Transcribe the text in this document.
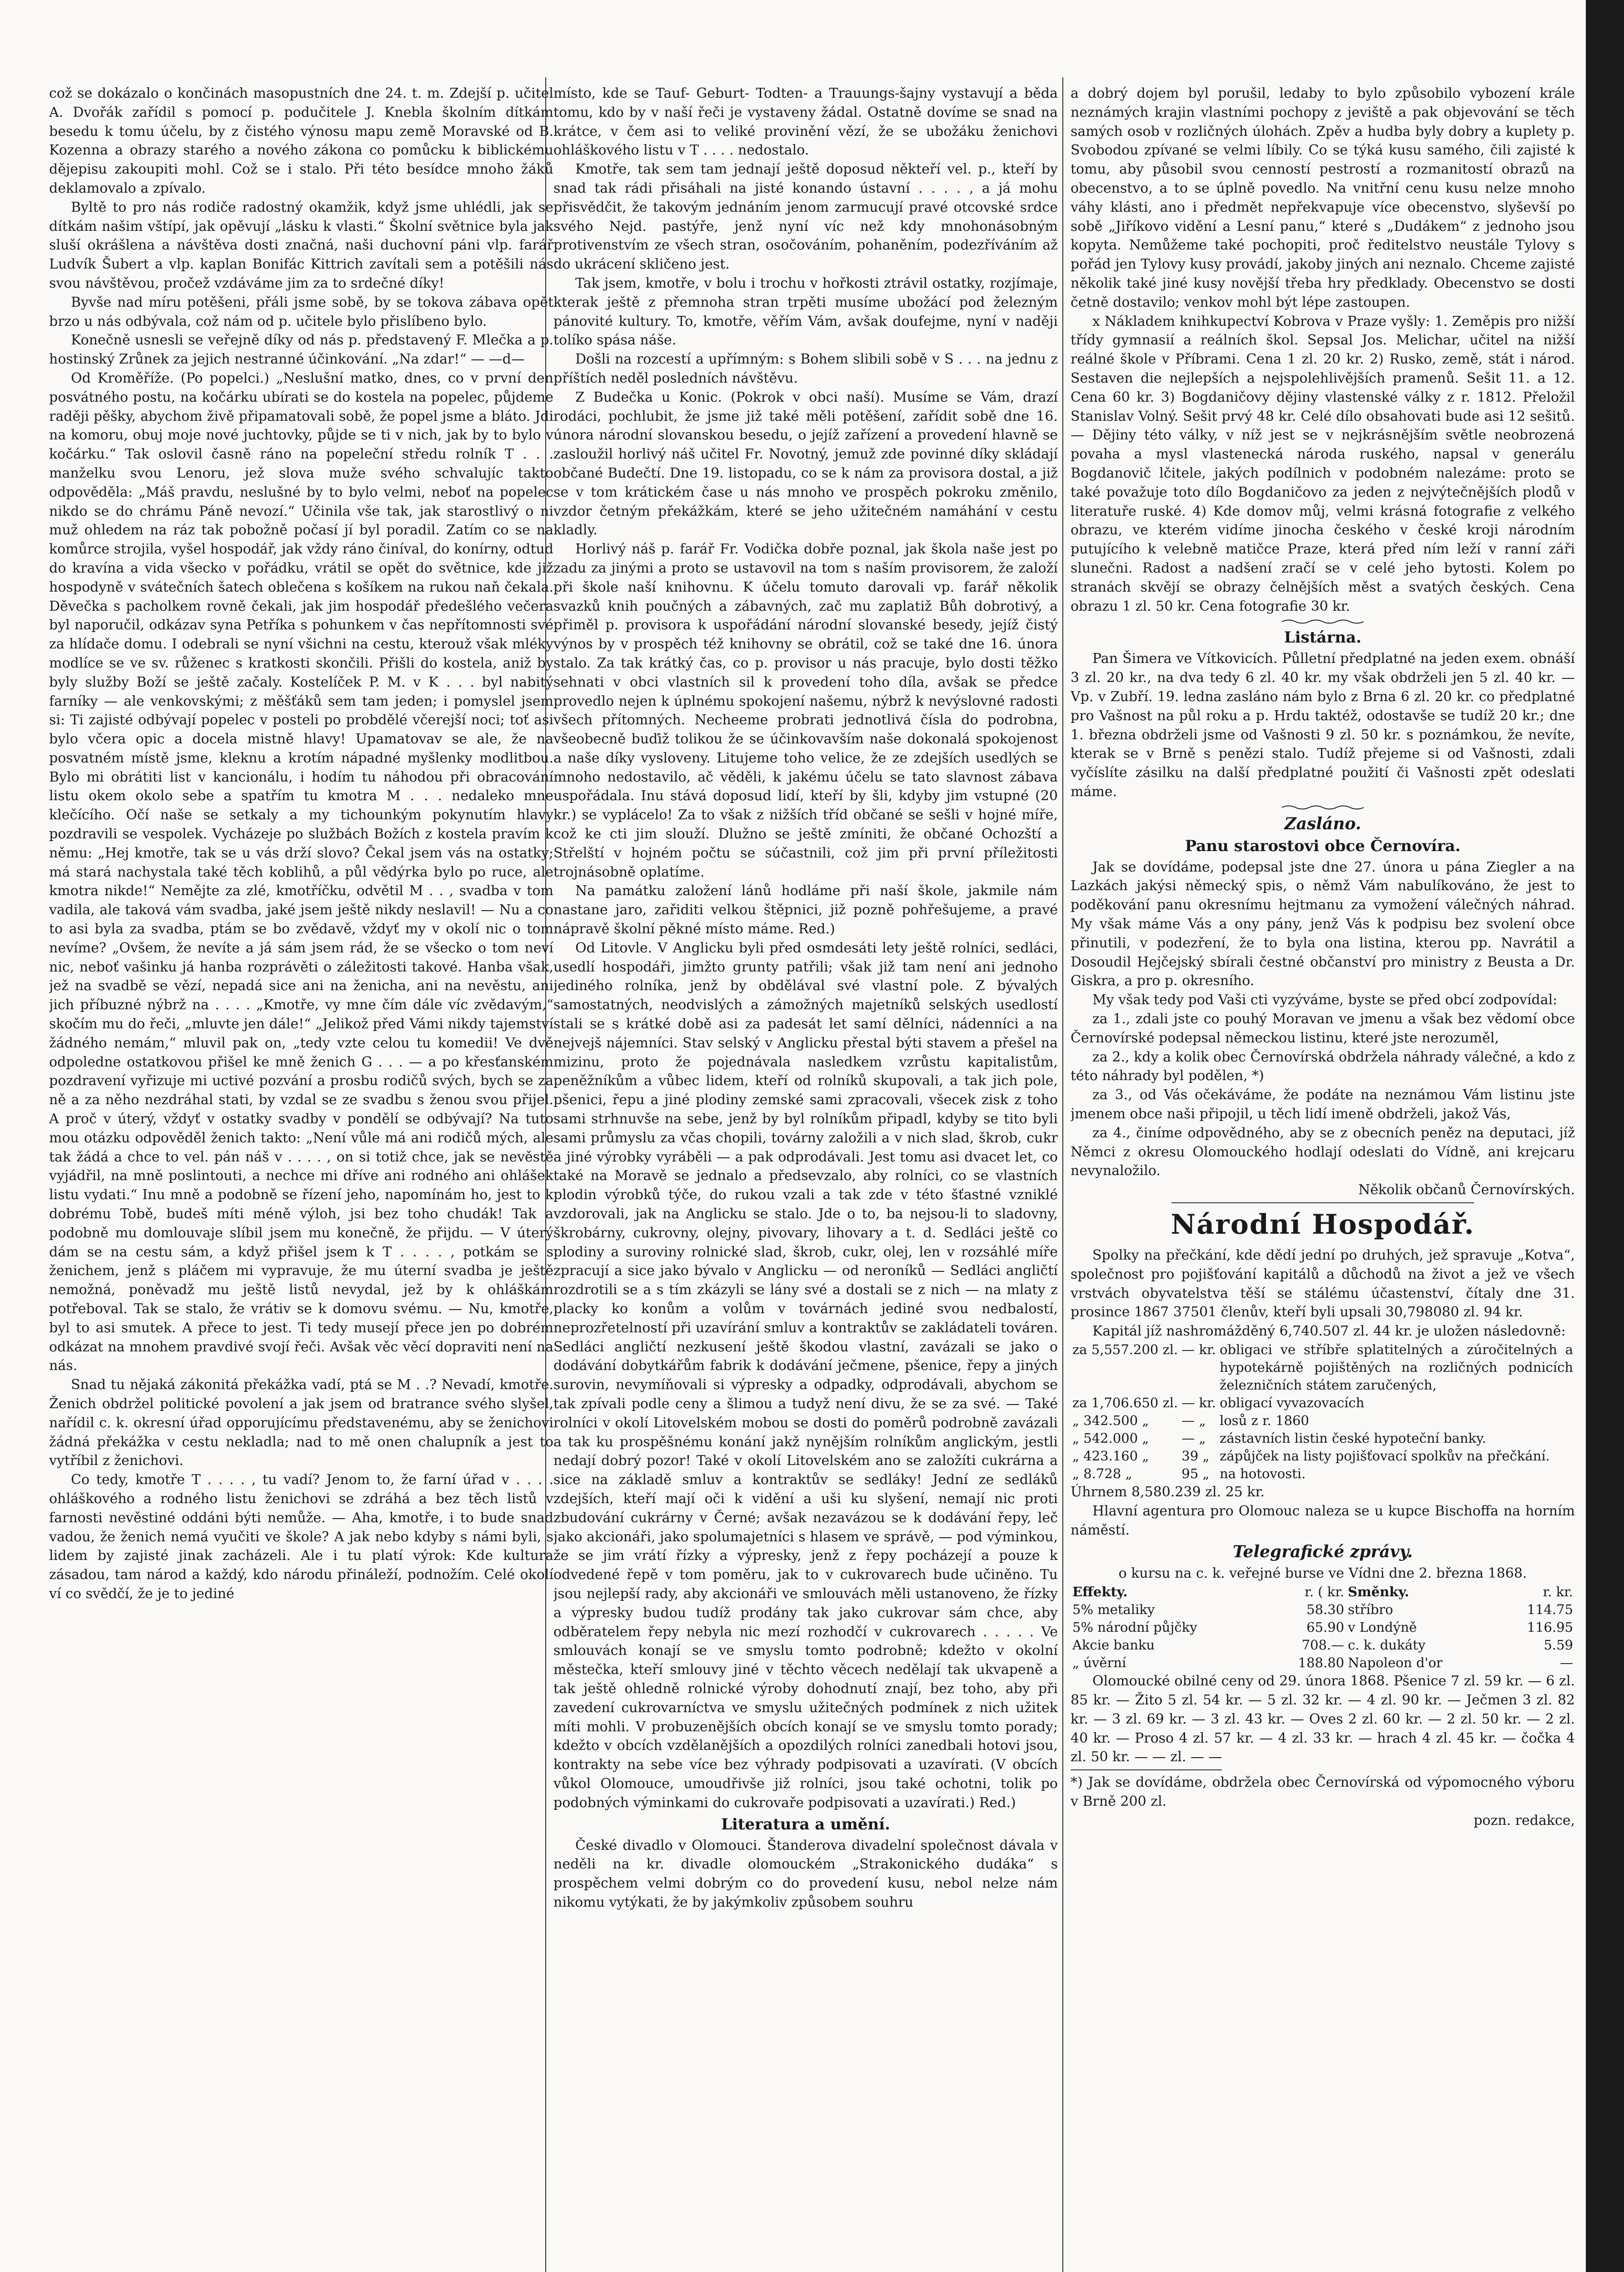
což se dokázalo o končinách masopustních dne 24. t. m. Zdejší p. učitel A. Dvořák zařídil s pomocí p. podučitele J. Knebla školním dítkám besedu k tomu účelu, by z čistého výnosu mapu země Moravské od B. Kozenna a obrazy starého a nového zákona co pomůcku k biblickému dějepisu zakoupiti mohl. Což se i stalo. Při této besídce mnoho žáků deklamovalo a zpívalo.

Byltě to pro nás rodiče radostný okamžik, když jsme uhlédli, jak se dítkám našim vštípí, jak opěvují „lásku k vlasti.“ Školní světnice byla jak sluší okrášlena a návštěva dosti značná, naši duchovní páni vlp. farář Ludvík Šubert a vlp. kaplan Bonifác Kittrich zavítali sem a potěšili nás svou návštěvou, pročež vzdáváme jim za to srdečné díky!

Byvše nad míru potěšeni, přáli jsme sobě, by se tokova zábava opět brzo u nás odbývala, což nám od p. učitele bylo přislíbeno bylo.

Konečně usnesli se veřejně díky od nás p. představený F. Mlečka a p. hostinský Zrůnek za jejich nestranné účinkování. „Na zdar!“ — —d—

Od Kroměříže. (Po popelci.) „Neslušní matko, dnes, co v první den posvátného postu, na kočárku ubírati se do kostela na popelec, půjdeme raději pěšky, abychom živě připamatovali sobě, že popel jsme a bláto. Jdi na komoru, obuj moje nové juchtovky, půjde se ti v nich, jak by to bylo v kočárku.“ Tak oslovil časně ráno na popeleční středu rolník T . . . manželku svou Lenoru, jež slova muže svého schvalujíc takto odpověděla: „Máš pravdu, neslušné by to bylo velmi, neboť na popelec nikdo se do chrámu Páně nevozí.“ Učinila vše tak, jak starostlivý o ni muž ohledem na ráz tak pobožně počasí jí byl poradil. Zatím co se na komůrce strojila, vyšel hospodář, jak vždy ráno činíval, do konírny, odtud do kravína a vida všecko v pořádku, vrátil se opět do světnice, kde již hospodyně v svátečních šatech oblečena s košíkem na rukou naň čekala. Děvečka s pacholkem rovně čekali, jak jim hospodář předešlého večera byl naporučil, odkázav syna Petříka s pohunkem v čas nepřítomnosti své za hlídače domu. I odebrali se nyní všichni na cestu, kterouž však mléky modlíce se ve sv. růženec s kratkosti skončili. Přišli do kostela, aniž by byly služby Boží se ještě začaly. Kostelíček P. M. v K . . . byl nabitý farníky — ale venkovskými; z měšťáků sem tam jeden; i pomyslel jsem si: Ti zajisté odbývají popelec v posteli po probdělé včerejší noci; toť asi bylo včera opic a docela mistně hlavy! Upamatovav se ale, že na posvatném místě jsme, kleknu a krotím nápadné myšlenky modlitbou. Bylo mi obrátiti list v kancionálu, i hodím tu náhodou při obracování listu okem okolo sebe a spatřím tu kmotra M . . . nedaleko mne klečícího. Očí naše se setkaly a my tichounkým pokynutím hlavy pozdravili se vespolek. Vycházeje po službách Božích z kostela pravím k němu: „Hej kmotře, tak se u vás drží slovo? Čekal jsem vás na ostatky; má stará nachystala také těch koblihů, a půl vědýrka bylo po ruce, ale kmotra nikde!“ Nemějte za zlé, kmotříčku, odvětil M . . , svadba v tom vadila, ale taková vám svadba, jaké jsem ještě nikdy neslavil! — Nu a co to asi byla za svadba, ptám se bo zvědavě, vždyť my v okolí nic o tom nevíme? „Ovšem, že nevíte a já sám jsem rád, že se všecko o tom neví nic, neboť vašinku já hanba rozprávěti o záležitosti takové. Hanba však, jež na svadbě se vězí, nepadá sice ani na ženicha, ani na nevěstu, ani jich příbuzné nýbrž na . . . . „Kmotře, vy mne čím dále víc zvědavým,“ skočím mu do řeči, „mluvte jen dále!“ „Jelikož před Vámi nikdy tajemství žádného nemám,“ mluvil pak on, „tedy vzte celou tu komedii! Ve dvě odpoledne ostatkovou přišel ke mně ženich G . . . — a po křesťanském pozdravení vyřizuje mi uctivé pozvání a prosbu rodičů svých, bych se za ně a za něho nezdráhal stati, by vzdal se ze svadbu s ženou svou přijel. A proč v úterý, vždyť v ostatky svadby v pondělí se odbývají? Na tuto mou otázku odpověděl ženich takto: „Není vůle má ani rodičů mých, ale tak žádá a chce to vel. pán náš v . . . . , on si totiž chce, jak se nevěstě vyjádřil, na mně poslintouti, a nechce mi dříve ani rodného ani ohlášek listu vydati.“ Inu mně a podobně se řízení jeho, napomínám ho, jest to k dobrému Tobě, budeš míti méně výloh, jsi bez toho chudák! Tak a podobně mu domlouvaje slíbil jsem mu konečně, že přijdu. — V úterý dám se na cestu sám, a když přišel jsem k T . . . . , potkám se s ženichem, jenž s pláčem mi vypravuje, že mu úterní svadba je ještě nemožná, poněvadž mu ještě listů nevydal, jež by k ohláškám potřeboval. Tak se stalo, že vrátiv se k domovu svému. — Nu, kmotře, byl to asi smutek. A přece to jest. Ti tedy musejí přece jen po dobrém odkázat na mnohem pravdivé svojí řeči. Avšak věc věcí dopraviti není na nás.

Snad tu nějaká zákonitá překážka vadí, ptá se M . .? Nevadí, kmotře. Ženich obdržel politické povolení a jak jsem od bratrance svého slyšel, nařídil c. k. okresní úřad opporujícímu představenému, aby se ženichovi žádná překážka v cestu nekladla; nad to mě onen chalupník a jest to vytříbil z ženichovi.

Co tedy, kmotře T . . . . , tu vadí? Jenom to, že farní úřad v . . . . ohláškového a rodného listu ženichovi se zdráhá a bez těch listů v farnosti nevěstiné oddáni býti nemůže. — Aha, kmotře, i to bude snad vadou, že ženich nemá vyučiti ve škole? A jak nebo kdyby s námi byli, s lidem by zajisté jinak zacházeli. Ale i tu platí výrok: Kde kultura zásadou, tam národ a každý, kdo národu přináleží, podnožím. Celé okolí ví co svědčí, že je to jediné

místo, kde se Tauf- Geburt- Todten- a Trauungs-šajny vystavují a běda tomu, kdo by v naší řeči je vystaveny žádal. Ostatně dovíme se snad na krátce, v čem asi to veliké provinění vězí, že se ubožáku ženichovi ohláškového listu v T . . . . nedostalo.

Kmotře, tak sem tam jednají ještě doposud někteří vel. p., kteří by snad tak rádi přisáhali na jisté konando ústavní . . . . , a já mohu přisvědčit, že takovým jednáním jenom zarmucují pravé otcovské srdce svého Nejd. pastýře, jenž nyní víc než kdy mnohonásobným protivenstvím ze všech stran, osočováním, pohaněním, podezříváním až do ukrácení skličeno jest.

Tak jsem, kmotře, v bolu i trochu v hořkosti ztrávil ostatky, rozjímaje, kterak ještě z přemnoha stran trpěti musíme ubožácí pod železným pánovité kultury. To, kmotře, věřím Vám, avšak doufejme, nyní v naději tolíko spása náše.

Došli na rozcestí a upřímným: s Bohem slibili sobě v S . . . na jednu z příštích neděl posledních návštěvu.

Z Budečka u Konic. (Pokrok v obci naší). Musíme se Vám, drazí rodáci, pochlubit, že jsme již také měli potěšení, zařídit sobě dne 16. února národní slovanskou besedu, o jejíž zařízení a provedení hlavně se zasloužil horlivý náš učitel Fr. Novotný, jemuž zde povinné díky skládají občané Budečtí. Dne 19. listopadu, co se k nám za provisora dostal, a již se v tom krátickém čase u nás mnoho ve prospěch pokroku změnilo, vzdor četným překážkám, které se jeho užitečném namáhání v cestu kladly.

Horlivý náš p. farář Fr. Vodička dobře poznal, jak škola naše jest po zadu za jinými a proto se ustavovil na tom s naším provisorem, že založí při škole naší knihovnu. K účelu tomuto darovali vp. farář několik svazků knih poučných a zábavných, zač mu zaplatiž Bůh dobrotivý, a přiměl p. provisora k uspořádání národní slovanské besedy, jejíž čistý výnos by v prospěch též knihovny se obrátil, což se také dne 16. února stalo. Za tak krátký čas, co p. provisor u nás pracuje, bylo dosti těžko sehnati v obci vlastních sil k provedení toho díla, avšak se předce provedlo nejen k úplnému spokojení našemu, nýbrž k nevýslovné radosti všech přítomných. Necheeme probrati jednotlivá čísla do podrobna, všeobecně buďiž tolikou že se účinkovavším naše dokonalá spokojenost a naše díky vysloveny. Litujeme toho velice, že ze zdejších usedlých se mnoho nedostavilo, ač věděli, k jakému účelu se tato slavnost zábava uspořádala. Inu stává doposud lidí, kteří by šli, kdyby jim vstupné (20 kr.) se vyplácelo! Za to však z nižších tříd občané se sešli v hojné míře, což ke cti jim slouží. Dlužno se ještě zmíniti, že občané Ochozští a Střelští v hojném počtu se súčastnili, což jim při první příležitosti trojnásobně oplatíme.

Na památku založení lánů hodláme při naší škole, jakmile nám nastane jaro, zařiditi velkou štěpnici, již pozně pohřešujeme, a pravé nápravě školní pěkné místo máme. Red.)

Od Litovle. V Anglicku byli před osmdesáti lety ještě rolníci, sedláci, usedlí hospodáři, jimžto grunty patřili; však již tam není ani jednoho jediného rolníka, jenž by obdělával své vlastní pole. Z bývalých samostatných, neodvislých a zámožných majetníků selských usedlostí stali se s krátké době asi za padesát let samí dělníci, nádenníci a na nejvejš nájemníci. Stav selský v Anglicku přestal býti stavem a přešel na mizinu, proto že pojednávala nasledkem vzrůstu kapitalistům, peněžníkům a vůbec lidem, kteří od rolníků skupovali, a tak jich pole, pšenici, řepu a jiné plodiny zemské sami zpracovali, všecek zisk z toho sami strhnuvše na sebe, jenž by byl rolníkům připadl, kdyby se tito byli sami průmyslu za včas chopili, továrny založili a v nich slad, škrob, cukr a jiné výrobky vyráběli — a pak odprodávali. Jest tomu asi dvacet let, co také na Moravě se jednalo a předsevzalo, aby rolníci, co se vlastních plodin výrobků týče, do rukou vzali a tak zde v této šťastné vzniklé vzdorovali, jak na Anglicku se stalo. Jde o to, ba nejsou-li to sladovny, škrobárny, cukrovny, olejny, pivovary, lihovary a t. d. Sedláci ještě co plodiny a suroviny rolnické slad, škrob, cukr, olej, len v rozsáhlé míře zpracují a sice jako bývalo v Anglicku — od neroníků — Sedláci angličtí rozdrotili se a s tím zkázyli se lány své a dostali se z nich — na mlaty z placky ko konům a volům v továrnách jediné svou nedbalostí, neprozřetelností při uzavírání smluv a kontraktův se zakládateli továren. Sedláci angličtí nezkusení ještě škodou vlastní, zavázali se jako o dodávání dobytkářům fabrik k dodávání ječmene, pšenice, řepy a jiných surovin, nevymíňovali si výpresky a odpadky, odprodávali, abychom se tak zpívali podle ceny a šlimou a tudyž není divu, že se za své. — Také rolníci v okolí Litovelském mobou se dosti do poměrů podrobně zavázali a tak ku prospěšnému konání jakž nynějším rolníkům anglickým, jestli nedají dobrý pozor! Také v okolí Litovelském ano se založíti cukrárna a sice na základě smluv a kontraktův se sedláky! Jední ze sedláků zdejších, kteří mají oči k vidění a uši ku slyšení, nemají nic proti zbudování cukrárny v Černé; avšak nezavázou se k dodávání řepy, leč jako akcionáři, jako spolumajetníci s hlasem ve správě, — pod výminkou, že se jim vrátí řízky a výpresky, jenž z řepy pocházejí a pouze k odvedené řepě v tom poměru, jak to v cukrovarech bude učiněno. Tu jsou nejlepší rady, aby akcionáři ve smlouvách měli ustanoveno, že řízky a výpresky budou tudíž prodány tak jako cukrovar sám chce, aby odběratelem řepy nebyla nic mezí rozhodčí v cukrovarech . . . . . Ve smlouvách konají se ve smyslu tomto podrobně; kdežto v okolní městečka, kteří smlouvy jiné v těchto věcech nedělají tak ukvapeně a tak ještě ohledně rolnické výroby dohodnutí znají, bez toho, aby při zavedení cukrovarníctva ve smyslu užitečných podmínek z nich užitek míti mohli. V probuzenějších obcích konají se ve smyslu tomto porady; kdežto v obcích vzdělanějších a opozdilých rolníci zanedbali hotovi jsou, kontrakty na sebe více bez výhrady podpisovati a uzavírati. (V obcích vůkol Olomouce, umoudřivše již rolníci, jsou také ochotni, tolik po podobných výminkami do cukrovaře podpisovati a uzavírati.) Red.)

Literatura a umění.

České divadlo v Olomouci. Štanderova divadelní společnost dávala v neděli na kr. divadle olomouckém „Strakonického dudáka“ s prospěchem velmi dobrým co do provedení kusu, nebol nelze nám nikomu vytýkati, že by jakýmkoliv způsobem souhru

a dobrý dojem byl porušil, ledaby to bylo způsobilo vybození krále neznámých krajin vlastními pochopy z jeviště a pak objevování se těch samých osob v rozličných úlohách. Zpěv a hudba byly dobry a kuplety p. Svobodou zpívané se velmi líbily. Co se týká kusu samého, čili zajisté k tomu, aby působil svou cenností pestrostí a rozmanitostí obrazů na obecenstvo, a to se úplně povedlo. Na vnitřní cenu kusu nelze mnoho váhy klásti, ano i předmět nepřekvapuje více obecenstvo, slyševší po sobě „Jiříkovo vidění a Lesní panu,“ které s „Dudákem“ z jednoho jsou kopyta. Nemůžeme také pochopiti, proč ředitelstvo neustále Tylovy s pořád jen Tylovy kusy provádí, jakoby jiných ani neznalo. Chceme zajisté několik také jiné kusy novější třeba hry předklady. Obecenstvo se dosti četně dostavilo; venkov mohl být lépe zastoupen.

x Nákladem knihkupectví Kobrova v Praze vyšly: 1. Zeměpis pro nižší třídy gymnasií a reálních škol. Sepsal Jos. Melichar, učitel na nižší reálné škole v Příbrami. Cena 1 zl. 20 kr. 2) Rusko, země, stát i národ. Sestaven die nejlepších a nejspolehlivějších pramenů. Sešit 11. a 12. Cena 60 kr. 3) Bogdaničovy dějiny vlastenské války z r. 1812. Přeložil Stanislav Volný. Sešit prvý 48 kr. Celé dílo obsahovati bude asi 12 sešitů. — Dějiny této války, v níž jest se v nejkrásnějším světle neobrozená povaha a mysl vlastenecká národa ruského, napsal v generálu Bogdanovič lčitele, jakých podílnich v podobném nalezáme: proto se také považuje toto dílo Bogdaničovo za jeden z nejvýtečnějších plodů v literatuře ruské. 4) Kde domov můj, velmi krásná fotografie z velkého obrazu, ve kterém vidíme jinocha českého v české kroji národním putujícího k velebně matičce Praze, která před ním leží v ranní záři slunečni. Radost a nadšení zračí se v celé jeho bytosti. Kolem po stranách skvějí se obrazy čelnějších měst a svatých českých. Cena obrazu 1 zl. 50 kr. Cena fotografie 30 kr.

Listárna.

Pan Šimera ve Vítkovicích. Půlletní předplatné na jeden exem. obnáší 3 zl. 20 kr., na dva tedy 6 zl. 40 kr. my však obdrželi jen 5 zl. 40 kr. — Vp. v Zubří. 19. ledna zasláno nám bylo z Brna 6 zl. 20 kr. co předplatné pro Vašnost na půl roku a p. Hrdu taktéž, odostavše se tudíž 20 kr.; dne 1. března obdrželi jsme od Vašnosti 9 zl. 50 kr. s poznámkou, že nevíte, kterak se v Brně s penězi stalo. Tudíž přejeme si od Vašnosti, zdali vyčíslíte zásilku na další předplatné použití či Vašnosti zpět odeslati máme.

Zasláno.
Panu starostovi obce Černovíra.

Jak se dovídáme, podepsal jste dne 27. února u pána Ziegler a na Lazkách jakýsi německý spis, o němž Vám nabulíkováno, že jest to poděkování panu okresnímu hejtmanu za vymožení válečných náhrad. My však máme Vás a ony pány, jenž Vás k podpisu bez svolení obce přinutili, v podezření, že to byla ona listina, kterou pp. Navrátil a Dosoudil Hejčejský sbírali čestné občanství pro ministry z Beusta a Dr. Giskra, a pro p. okresního.

My však tedy pod Vaši cti vyzýváme, byste se před obcí zodpovídal:

za 1., zdali jste co pouhý Moravan ve jmenu a však bez vědomí obce Černovírské podepsal německou listinu, které jste nerozuměl,

za 2., kdy a kolik obec Černovírská obdržela náhrady válečné, a kdo z této náhrady byl podělen, *)

za 3., od Vás očekáváme, že podáte na neznámou Vám listinu jste jmenem obce naši připojil, u těch lidí imeně obdrželi, jakož Vás,

za 4., činíme odpovědného, aby se z obecních peněz na deputaci, jíž Němci z okresu Olomouckého hodlají odeslati do Vídně, ani krejcaru nevynaložilo.

Několik občanů Černovírských.

Národní Hospodář.

Spolky na přečkání, kde dědí jední po druhých, jež spravuje „Kotva“, společnost pro pojišťování kapitálů a důchodů na život a jež ve všech vrstvách obyvatelstva těší se stálému účastenství, čítaly dne 31. prosince 1867 37501 členův, kteří byli upsali 30,798080 zl. 94 kr.

Kapitál jíž nashromážděný 6,740.507 zl. 44 kr. je uložen následovně:

za 5,557.200 zl.	— kr.	obligaci ve stříbře splatitelných a zúročitelných a hypotekárně pojištěných na rozličných podnicích železničních státem zaručených,
za 1,706.650 zl.	— kr.	obligací vyvazovacích
„ 342.500 „	— „	losů z r. 1860
„ 542.000 „	— „	zástavních listin české hypoteční banky.
„ 423.160 „	39 „	zápůjček na listy pojišťovací spolkův na přečkání.
„ 8.728 „	95 „	na hotovosti.

Úhrnem 8,580.239 zl. 25 kr.

Hlavní agentura pro Olomouc naleza se u kupce Bischoffa na horním náměstí.

Telegrafické zprávy.

o kursu na c. k. veřejné burse ve Vídni dne 2. března 1868.

Effekty.	r. ( kr.	Směnky.	r. kr.
5% metaliky	58.30	stříbro	114.75
5% národní půjčky	65.90	v Londýně	116.95
Akcie banku	708.—	c. k. dukáty	5.59
„ úvěrní	188.80	Napoleon d'or	—

Olomoucké obilné ceny od 29. února 1868. Pšenice 7 zl. 59 kr. — 6 zl. 85 kr. — Žito 5 zl. 54 kr. — 5 zl. 32 kr. — 4 zl. 90 kr. — Ječmen 3 zl. 82 kr. — 3 zl. 69 kr. — 3 zl. 43 kr. — Oves 2 zl. 60 kr. — 2 zl. 50 kr. — 2 zl. 40 kr. — Proso 4 zl. 57 kr. — 4 zl. 33 kr. — hrach 4 zl. 45 kr. — čočka 4 zl. 50 kr. — — zl. — —

*) Jak se dovídáme, obdržela obec Černovírská od výpomocného výboru v Brně 200 zl.

pozn. redakce,
